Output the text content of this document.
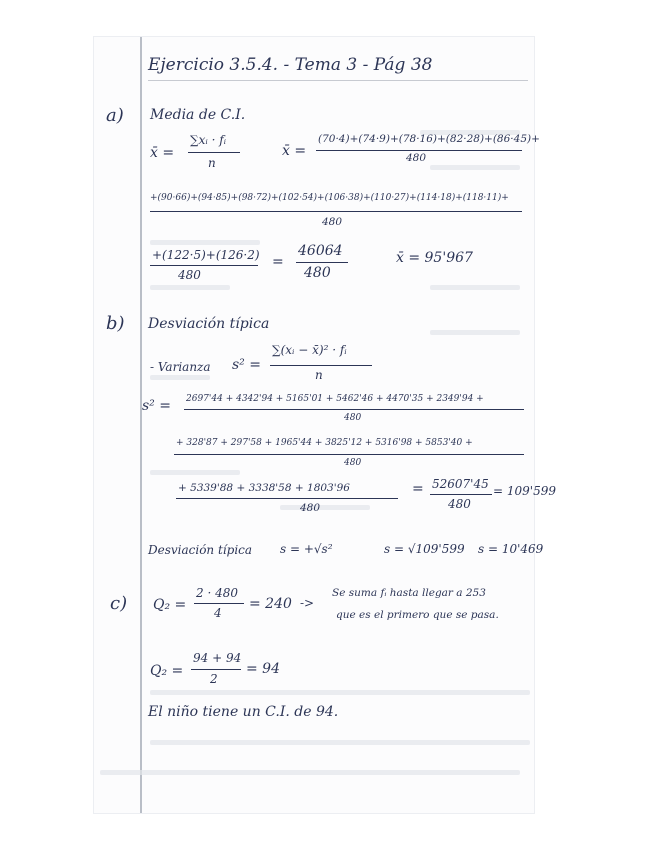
Ejercicio 3.5.4. - Tema 3 - Pág 38
a) Media de C.I.
x̄ =
∑xᵢ · fᵢ
n
x̄ =
(70·4)+(74·9)+(78·16)+(82·28)+(86·45)+
480
+(90·66)+(94·85)+(98·72)+(102·54)+(106·38)+(110·27)+(114·18)+(118·11)+
480
+(122·5)+(126·2)
480
=
46064
480
x̄ = 95'967
b) Desviación típica
- Varianza s² =
∑(xᵢ − x̄)² · fᵢ
n
s² = 2697'44 + 4342'94 + 5165'01 + 5462'46 + 4470'35 + 2349'94 +
480
+ 328'87 + 297'58 + 1965'44 + 3825'12 + 5316'98 + 5853'40 +
480
+ 5339'88 + 3338'58 + 1803'96
480
= 52607'45
480
= 109'599
Desviación típica s = +√s²	s = √109'599 s = 10'469
c) Q₂ =
2 · 480
4
= 240 ->
Se suma fᵢ hasta llegar a 253
que es el primero que se pasa.
Q₂ =
94 + 94
2
= 94
El niño tiene un C.I. de 94.
